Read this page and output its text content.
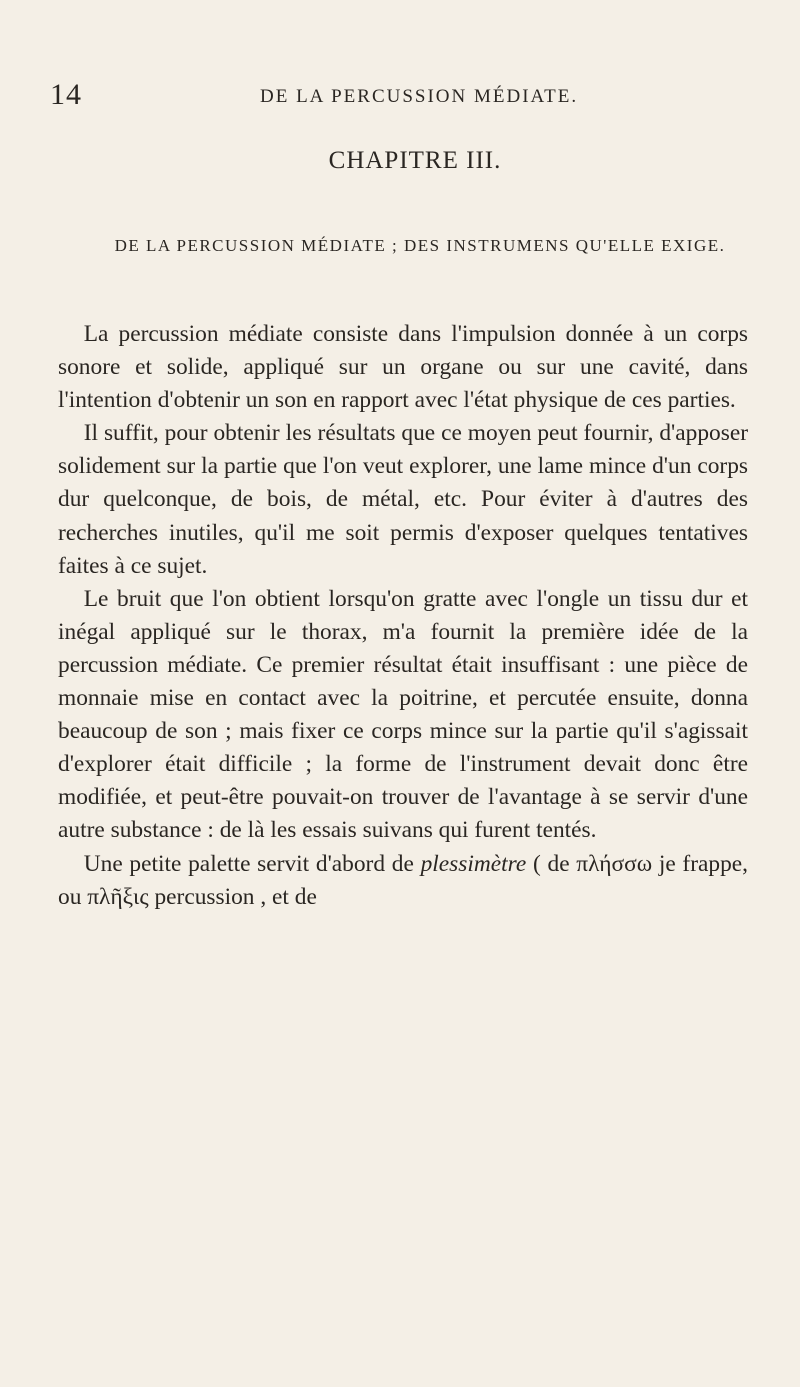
14	DE LA PERCUSSION MÉDIATE.
CHAPITRE III.
DE LA PERCUSSION MÉDIATE ; DES INSTRUMENS QU'ELLE EXIGE.

La percussion médiate consiste dans l'impulsion donnée à un corps sonore et solide, appliqué sur un organe ou sur une cavité, dans l'intention d'obtenir un son en rapport avec l'état physique de ces parties.

Il suffit, pour obtenir les résultats que ce moyen peut fournir, d'apposer solidement sur la partie que l'on veut explorer, une lame mince d'un corps dur quelconque, de bois, de métal, etc. Pour éviter à d'autres des recherches inutiles, qu'il me soit permis d'exposer quelques tentatives faites à ce sujet.

Le bruit que l'on obtient lorsqu'on gratte avec l'ongle un tissu dur et inégal appliqué sur le thorax, m'a fournit la première idée de la percussion médiate. Ce premier résultat était insuffisant : une pièce de monnaie mise en contact avec la poitrine, et percutée ensuite, donna beaucoup de son ; mais fixer ce corps mince sur la partie qu'il s'agissait d'explorer était difficile ; la forme de l'instrument devait donc être modifiée, et peut-être pouvait-on trouver de l'avantage à se servir d'une autre substance : de là les essais suivans qui furent tentés.

Une petite palette servit d'abord de plessimètre ( de πλήσσω je frappe, ou πλῆξις percussion , et de
